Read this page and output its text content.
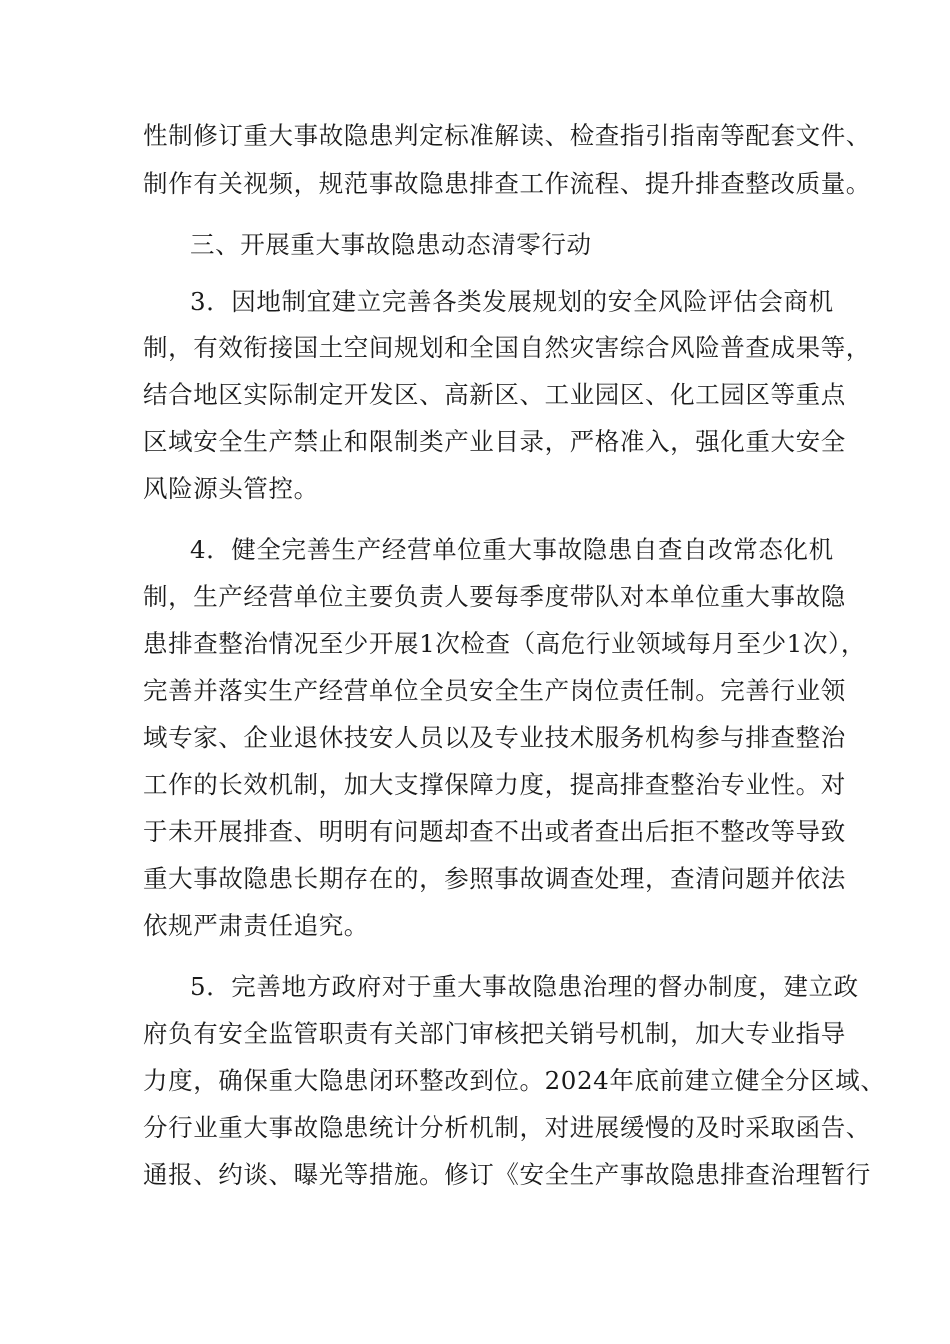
性制修订重大事故隐患判定标准解读、检查指引指南等配套文件、
制作有关视频，规范事故隐患排查工作流程、提升排查整改质量。
三、开展重大事故隐患动态清零行动
3．因地制宜建立完善各类发展规划的安全风险评估会商机
制，有效衔接国土空间规划和全国自然灾害综合风险普查成果等，
结合地区实际制定开发区、高新区、工业园区、化工园区等重点
区域安全生产禁止和限制类产业目录，严格准入，强化重大安全
风险源头管控。
4．健全完善生产经营单位重大事故隐患自查自改常态化机
制，生产经营单位主要负责人要每季度带队对本单位重大事故隐
患排查整治情况至少开展1次检查（高危行业领域每月至少1次），
完善并落实生产经营单位全员安全生产岗位责任制。完善行业领
域专家、企业退休技安人员以及专业技术服务机构参与排查整治
工作的长效机制，加大支撑保障力度，提高排查整治专业性。对
于未开展排查、明明有问题却查不出或者查出后拒不整改等导致
重大事故隐患长期存在的，参照事故调查处理，查清问题并依法
依规严肃责任追究。
5．完善地方政府对于重大事故隐患治理的督办制度，建立政
府负有安全监管职责有关部门审核把关销号机制，加大专业指导
力度，确保重大隐患闭环整改到位。2024年底前建立健全分区域、
分行业重大事故隐患统计分析机制，对进展缓慢的及时采取函告、
通报、约谈、曝光等措施。修订《安全生产事故隐患排查治理暂行
